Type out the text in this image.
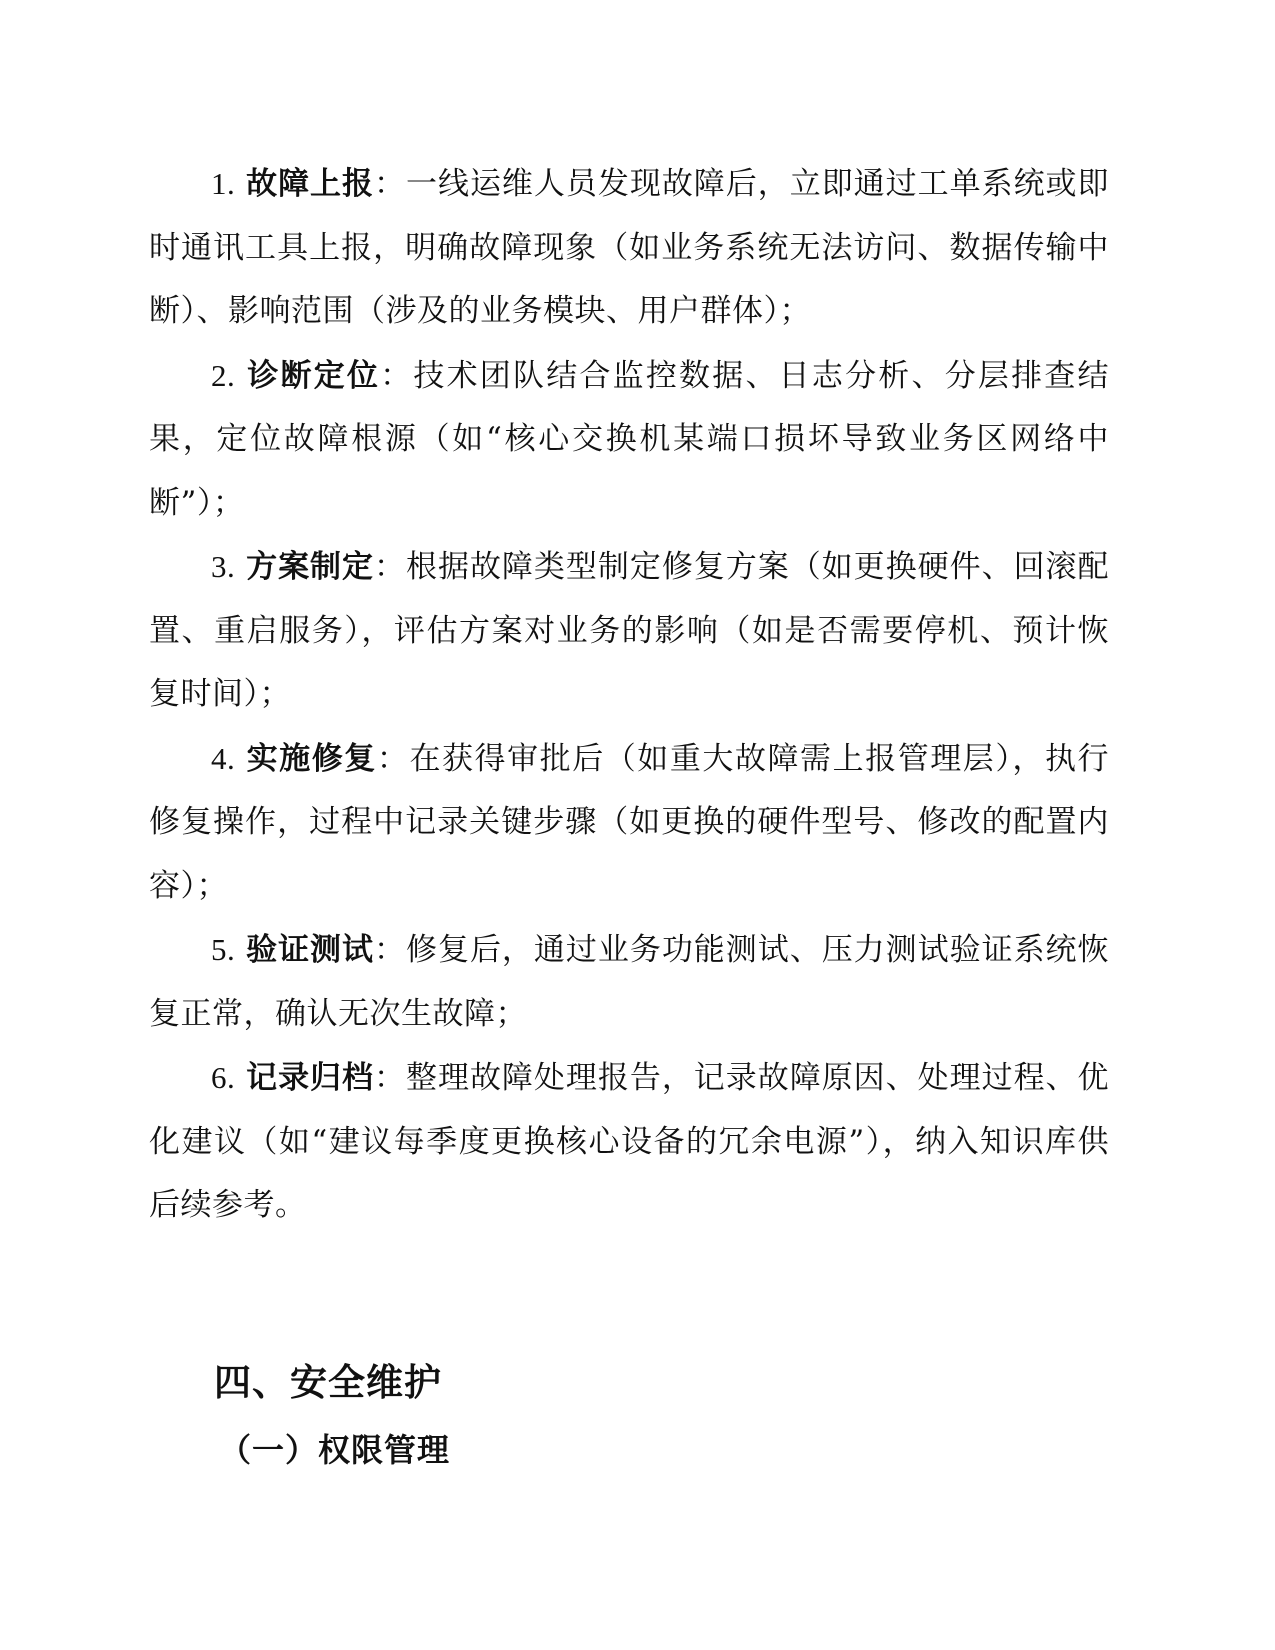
1. 故障上报：一线运维人员发现故障后，立即通过工单系统或即时通讯工具上报，明确故障现象（如业务系统无法访问、数据传输中断）、影响范围（涉及的业务模块、用户群体）；

2. 诊断定位：技术团队结合监控数据、日志分析、分层排查结果，定位故障根源（如“核心交换机某端口损坏导致业务区网络中断”）；

3. 方案制定：根据故障类型制定修复方案（如更换硬件、回滚配置、重启服务），评估方案对业务的影响（如是否需要停机、预计恢复时间）；

4. 实施修复：在获得审批后（如重大故障需上报管理层），执行修复操作，过程中记录关键步骤（如更换的硬件型号、修改的配置内容）；

5. 验证测试：修复后，通过业务功能测试、压力测试验证系统恢复正常，确认无次生故障；

6. 记录归档：整理故障处理报告，记录故障原因、处理过程、优化建议（如“建议每季度更换核心设备的冗余电源”），纳入知识库供后续参考。

四、安全维护
（一）权限管理
